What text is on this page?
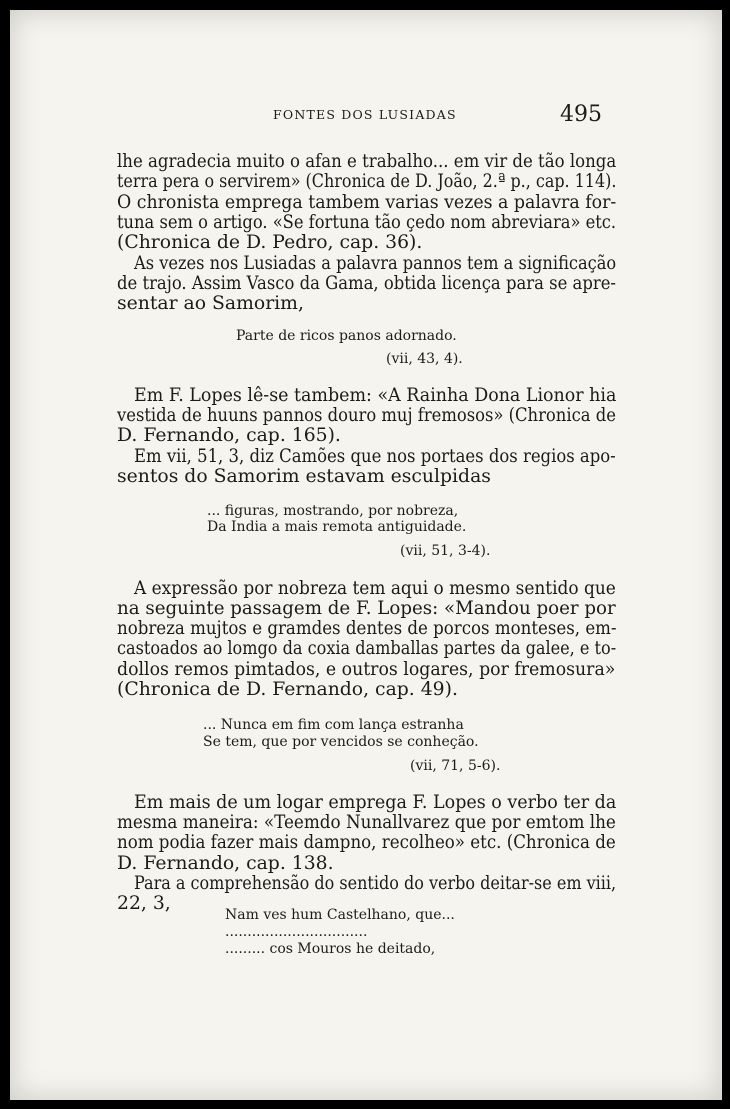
FONTES DOS LUSIADAS	495
lhe agradecia muito o afan e trabalho... em vir de tão longa
terra pera o servirem» (Chronica de D. João, 2.ª p., cap. 114).
O chronista emprega tambem varias vezes a palavra for-
tuna sem o artigo. «Se fortuna tão çedo nom abreviara» etc.
(Chronica de D. Pedro, cap. 36).
As vezes nos Lusiadas a palavra pannos tem a significação
de trajo. Assim Vasco da Gama, obtida licença para se apre-
sentar ao Samorim,
Parte de ricos panos adornado.
(vii, 43, 4).
Em F. Lopes lê-se tambem: «A Rainha Dona Lionor hia
vestida de huuns pannos douro muj fremosos» (Chronica de
D. Fernando, cap. 165).
Em vii, 51, 3, diz Camões que nos portaes dos regios apo-
sentos do Samorim estavam esculpidas
... figuras, mostrando, por nobreza,
Da India a mais remota antiguidade.
(vii, 51, 3-4).
A expressão por nobreza tem aqui o mesmo sentido que
na seguinte passagem de F. Lopes: «Mandou poer por
nobreza mujtos e gramdes dentes de porcos monteses, em-
castoados ao lomgo da coxia damballas partes da galee, e to-
dollos remos pimtados, e outros logares, por fremosura»
(Chronica de D. Fernando, cap. 49).
... Nunca em fim com lança estranha
Se tem, que por vencidos se conheção.
(vii, 71, 5-6).
Em mais de um logar emprega F. Lopes o verbo ter da
mesma maneira: «Teemdo Nunallvarez que por emtom lhe
nom podia fazer mais dampno, recolheo» etc. (Chronica de
D. Fernando, cap. 138.
Para a comprehensão do sentido do verbo deitar-se em viii,
22, 3,
Nam ves hum Castelhano, que...
................................
......... cos Mouros he deitado,
